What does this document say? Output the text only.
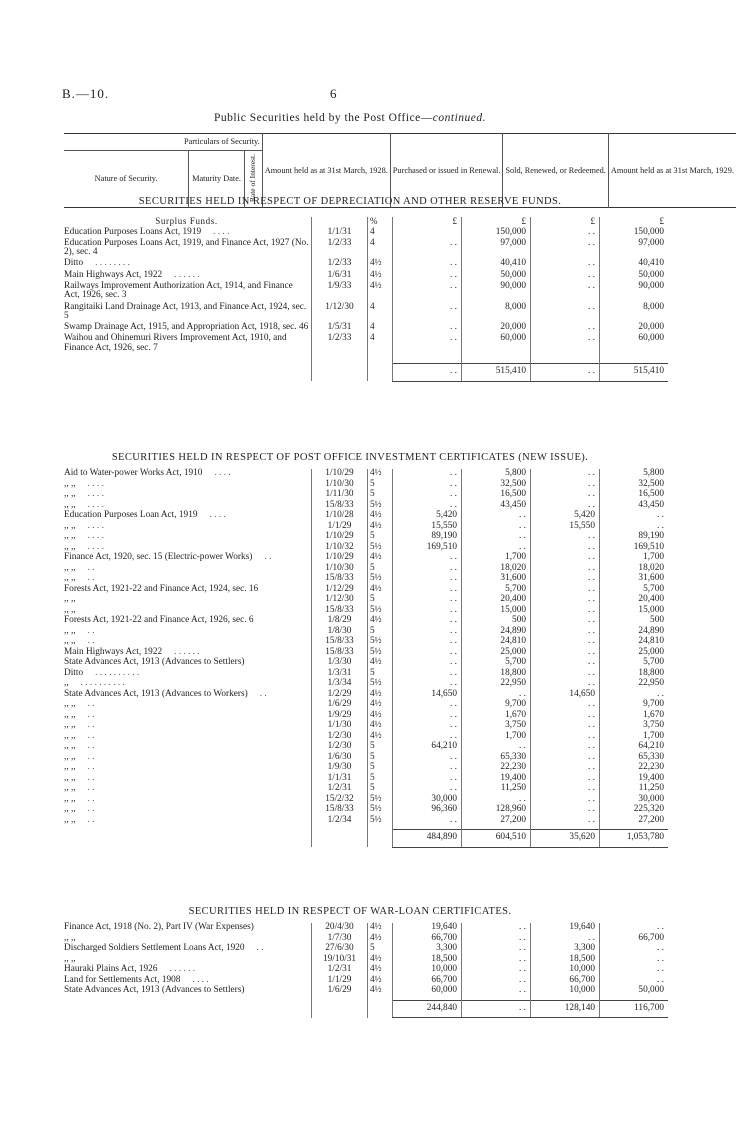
B.—10.	6
Public Securities held by the Post Office—continued.
Particulars of Security.			Amount held as at 31st March, 1928.	Purchased or issued in Renewal.	Sold, Renewed, or Redeemed.	Amount held as at 31st March, 1929.
Nature of Security.	Maturity Date.	Rate of Interest.				
SECURITIES HELD IN RESPECT OF DEPRECIATION AND OTHER RESERVE FUNDS.
Surplus Funds.		%	£	£	£	£
Education Purposes Loans Act, 1919 . . . .	1/1/31	4		150,000	. .	150,000
Education Purposes Loans Act, 1919, and Finance Act, 1927 (No. 2), sec. 4	1/2/33	4	. .	97,000	. .	97,000
Ditto . . . . . . . .	1/2/33	4½	. .	40,410	. .	40,410
Main Highways Act, 1922 . . . . . .	1/6/31	4½	. .	50,000	. .	50,000
Railways Improvement Authorization Act, 1914, and Finance Act, 1926, sec. 3	1/9/33	4½	. .	90,000	. .	90,000
Rangitaiki Land Drainage Act, 1913, and Finance Act, 1924, sec. 5	1/12/30	4	. .	8,000	. .	8,000
Swamp Drainage Act, 1915, and Appropriation Act, 1918, sec. 46	1/5/31	4	. .	20,000	. .	20,000
Waihou and Ohinemuri Rivers Improvement Act, 1910, and Finance Act, 1926, sec. 7	1/2/33	4	. .	60,000	. .	60,000

			. .	515,410	. .	515,410
SECURITIES HELD IN RESPECT OF POST OFFICE INVESTMENT CERTIFICATES (NEW ISSUE).
Aid to Water-power Works Act, 1910 . . . .	1/10/29	4½	. .	5,800	. .	5,800
,, ,, . . . .	1/10/30	5	. .	32,500	. .	32,500
,, ,, . . . .	1/11/30	5	. .	16,500	. .	16,500
,, ,, . . . .	15/8/33	5½	. .	43,450	. .	43,450
Education Purposes Loan Act, 1919 . . . .	1/10/28	4½	5,420	. .	5,420	. .
,, ,, . . . .	1/1/29	4½	15,550	. .	15,550	. .
,, ,, . . . .	1/10/29	5	89,190	. .	. .	89,190
,, ,, . . . .	1/10/32	5½	169,510	. .	. .	169,510
Finance Act, 1920, sec. 15 (Electric-power Works) . .	1/10/29	4½	. .	1,700	. .	1,700
,, ,, . .	1/10/30	5	. .	18,020	. .	18,020
,, ,, . .	15/8/33	5½	. .	31,600	. .	31,600
Forests Act, 1921-22 and Finance Act, 1924, sec. 16	1/12/29	4½	. .	5,700	. .	5,700
,, ,,	1/12/30	5	. .	20,400	. .	20,400
,, ,,	15/8/33	5½	. .	15,000	. .	15,000
Forests Act, 1921-22 and Finance Act, 1926, sec. 6	1/8/29	4½	. .	500	. .	500
,, ,, . .	1/8/30	5	. .	24,890	. .	24,890
,, ,, . .	15/8/33	5½	. .	24,810	. .	24,810
Main Highways Act, 1922 . . . . . .	15/8/33	5½	. .	25,000	. .	25,000
State Advances Act, 1913 (Advances to Settlers)	1/3/30	4½	. .	5,700	. .	5,700
Ditto . . . . . . . . . .	1/3/31	5	. .	18,800	. .	18,800
,, . . . . . . . . . .	1/3/34	5½	. .	22,950	. .	22,950
State Advances Act, 1913 (Advances to Workers) . .	1/2/29	4½	14,650	. .	14,650	. .
,, ,, . .	1/6/29	4½	. .	9,700	. .	9,700
,, ,, . .	1/9/29	4½	. .	1,670	. .	1,670
,, ,, . .	1/1/30	4½	. .	3,750	. .	3,750
,, ,, . .	1/2/30	4½	. .	1,700	. .	1,700
,, ,, . .	1/2/30	5	64,210	. .	. .	64,210
,, ,, . .	1/6/30	5	. .	65,330	. .	65,330
,, ,, . .	1/9/30	5	. .	22,230	. .	22,230
,, ,, . .	1/1/31	5	. .	19,400	. .	19,400
,, ,, . .	1/2/31	5	. .	11,250	. .	11,250
,, ,, . .	15/2/32	5½	30,000	. .	. .	30,000
,, ,, . .	15/8/33	5½	96,360	128,960	. .	225,320
,, ,, . .	1/2/34	5½	. .	27,200	. .	27,200

			484,890	604,510	35,620	1,053,780
SECURITIES HELD IN RESPECT OF WAR-LOAN CERTIFICATES.
Finance Act, 1918 (No. 2), Part IV (War Expenses)	20/4/30	4½	19,640	. .	19,640	. .
,, ,,	1/7/30	4½	66,700	. .	. .	66,700
Discharged Soldiers Settlement Loans Act, 1920 . .	27/6/30	5	3,300	. .	3,300	. .
,, ,,	19/10/31	4½	18,500	. .	18,500	. .
Hauraki Plains Act, 1926 . . . . . .	1/2/31	4½	10,000	. .	10,000	. .
Land for Settlements Act, 1908 . . . .	1/1/29	4½	66,700	. .	66,700	. .
State Advances Act, 1913 (Advances to Settlers)	1/6/29	4½	60,000	. .	10,000	50,000

			244,840	. .	128,140	116,700
